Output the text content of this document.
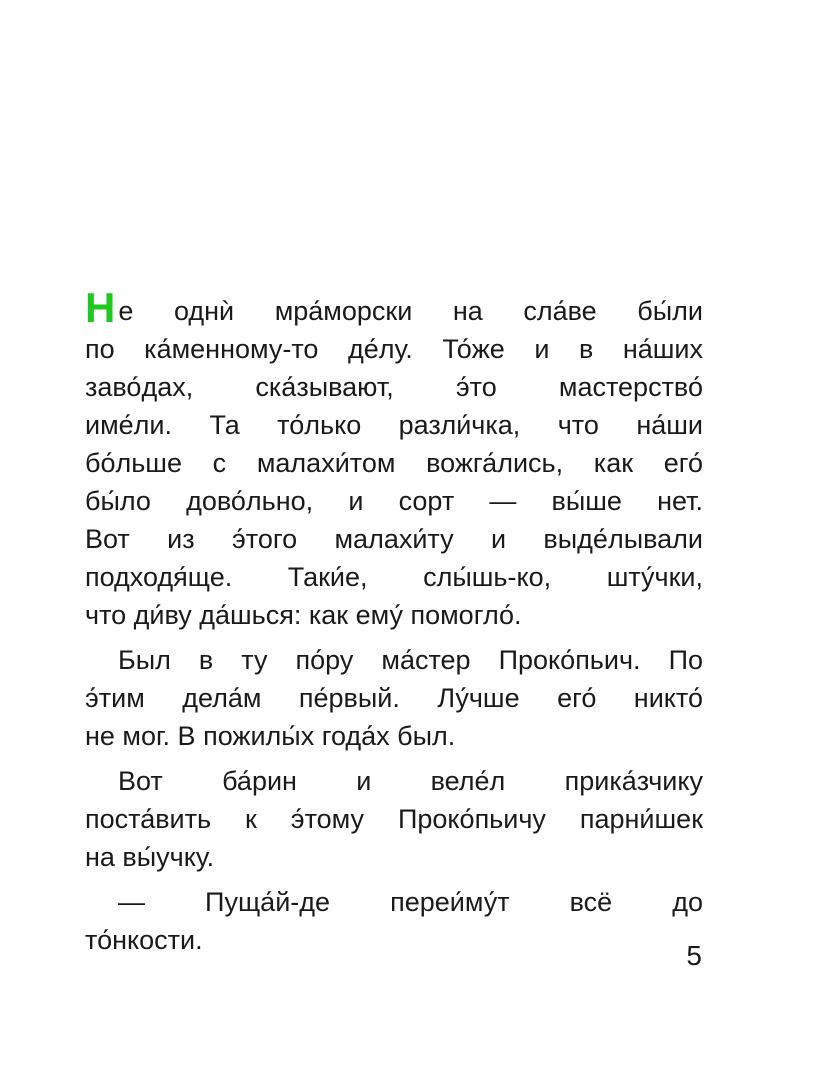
Не однѝ мра́морски на сла́ве бы́ли
по ка́менному-то де́лу. То́же и в на́ших
заво́дах, ска́зывают, э́то мастерство́
име́ли. Та то́лько разли́чка, что на́ши
бо́льше с малахи́том вожга́лись, как его́
бы́ло дово́льно, и сорт — вы́ше нет.
Вот из э́того малахи́ту и выде́лывали
подходя́ще. Таки́е, слы́шь-ко, шту́чки,
что ди́ву да́шься: как ему́ помогло́.
Был в ту по́ру ма́стер Проко́пьич. По
э́тим дела́м пе́рвый. Лу́чше его́ никто́
не мог. В пожилы́х года́х был.
Вот ба́рин и веле́л прика́зчику
поста́вить к э́тому Проко́пьичу парни́шек
на вы́учку.
— Пуща́й-де переи́му́т всё до
то́нкости.	5
